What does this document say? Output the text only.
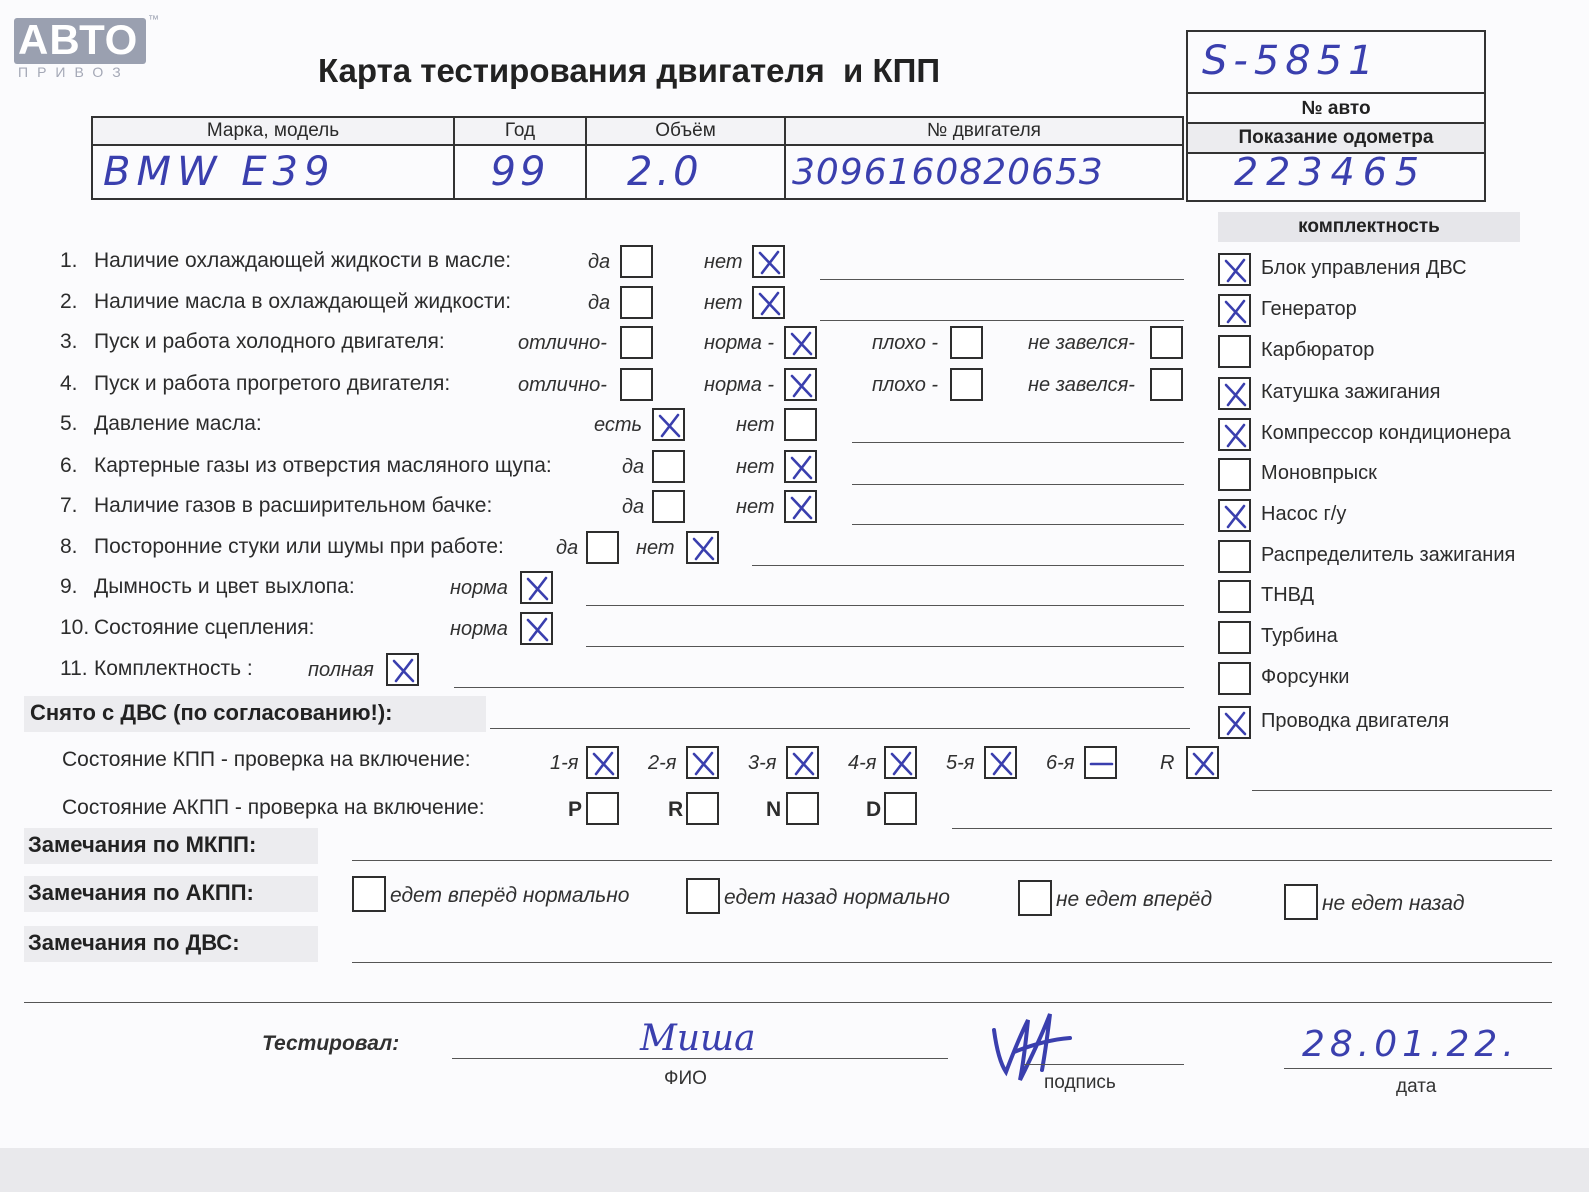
АВТО ™
ПРИВОЗ	Карта тестирования двигателя  и КПП	S-5851
№ авто
Показание одометра
223465
Марка, модель	Год	Объём	№ двигателя
BMW E39	99	2.0	309616082065З
1. Наличие охлаждающей жидкости в масле:	да	нет
2. Наличие масла в охлаждающей жидкости:	да	нет
3. Пуск и работа холодного двигателя:	отлично-	норма -	плохо -	не завелся-
4. Пуск и работа прогретого двигателя:	отлично-	норма -	плохо -	не завелся-
5. Давление масла:	есть	нет
6. Картерные газы из отверстия масляного щупа:	да	нет
7. Наличие газов в расширительном бачке:	да	нет
8. Посторонние стуки или шумы при работе:	да	нет
9. Дымность и цвет выхлопа:	норма
10. Состояние сцепления:	норма
11. Комплектность :	полная
комплектность
Блок управления ДВС
Генератор
Карбюратор
Катушка зажигания
Компрессор кондиционера
Моновпрыск
Насос г/у
Распределитель зажигания
ТНВД
Турбина
Форсунки
Проводка двигателя
Снято с ДВС (по согласованию!):
Состояние КПП - проверка на включение:	1-я	2-я	3-я	4-я	5-я	6-я	R
Состояние АКПП - проверка на включение:	P	R	N	D
Замечания по МКПП:
Замечания по АКПП:	едет вперёд нормально	едет назад нормально	не едет вперёд	не едет назад
Замечания по ДВС:
Тестировал:	Миша
ФИО	подпись
28.01.22.
дата
